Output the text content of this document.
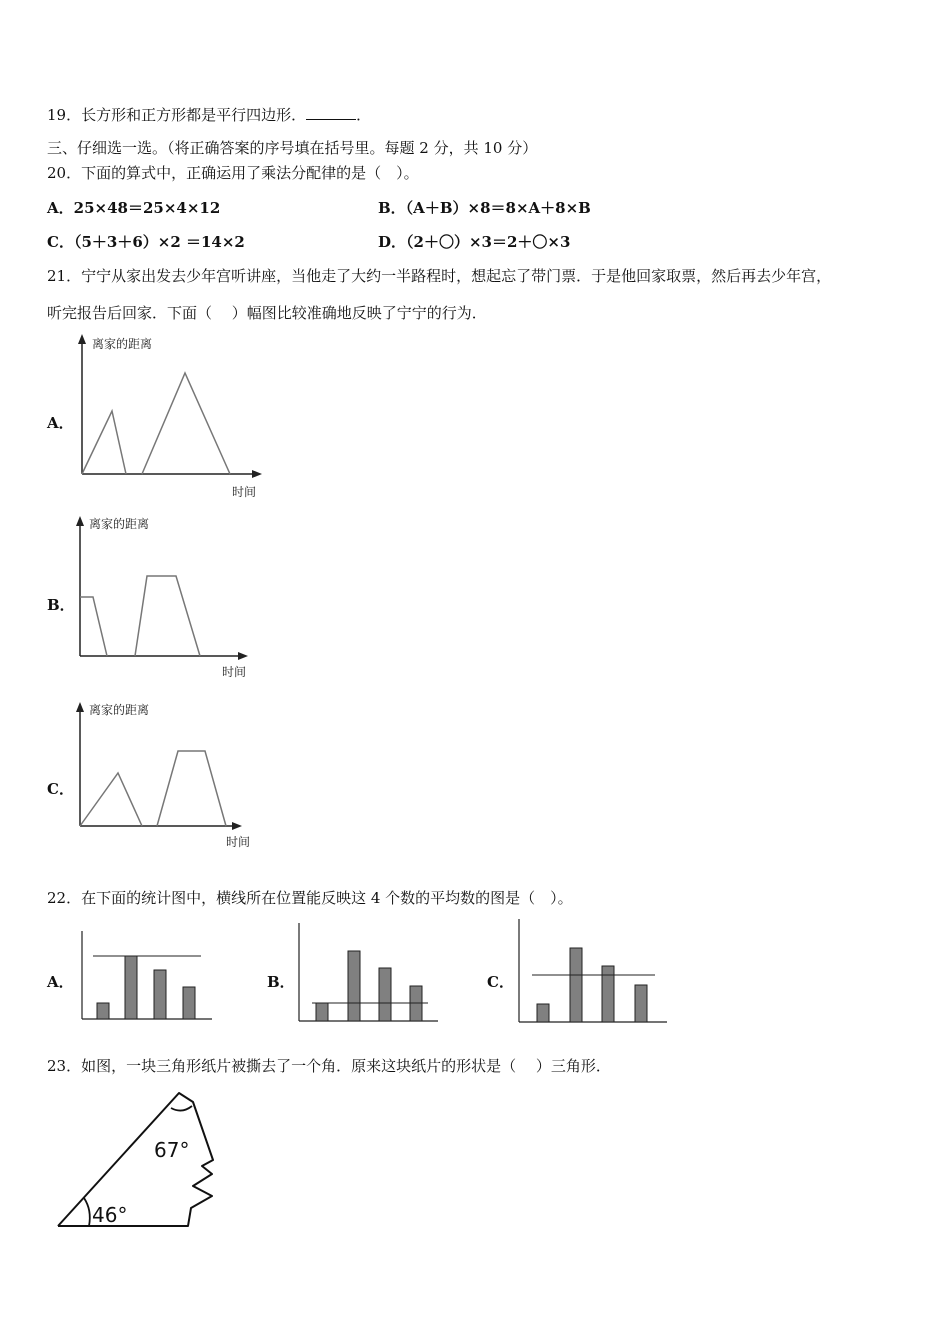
19．长方形和正方形都是平行四边形．	．
三、仔细选一选。（将正确答案的序号填在括号里。每题 2 分，共 10 分）
20．下面的算式中，正确运用了乘法分配律的是（　）。
A．25×48＝25×4×12	B．（A＋B）×8＝8×A＋8×B
C．（5＋3＋6）×2 ＝14×2	D．（2＋〇）×3＝2＋〇×3
21．宁宁从家出发去少年宫听讲座，当他走了大约一半路程时，想起忘了带门票．于是他回家取票，然后再去少年宫，
听完报告后回家．下面（　 ）幅图比较准确地反映了宁宁的行为．
A．
离家的距离
时间
离家的距离
时间
离家的距离
时间
B．
C．
22．在下面的统计图中，横线所在位置能反映这 4 个数的平均数的图是（　）。
A．	B．	C．
23．如图，一块三角形纸片被撕去了一个角．原来这块纸片的形状是（　 ）三角形．
67°
46°
